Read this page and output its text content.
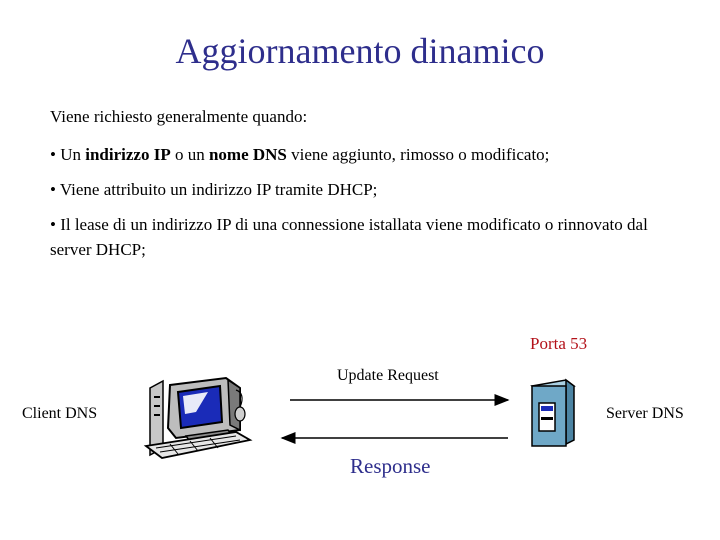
Aggiornamento dinamico
Viene richiesto generalmente quando:
• Un indirizzo IP o un nome DNS viene aggiunto, rimosso o modificato;
• Viene attribuito un indirizzo IP tramite DHCP;
• Il lease di un indirizzo IP di una connessione istallata viene modificato o rinnovato dal server DHCP;
Porta 53
Update Request
Client DNS	Server DNS
Response
